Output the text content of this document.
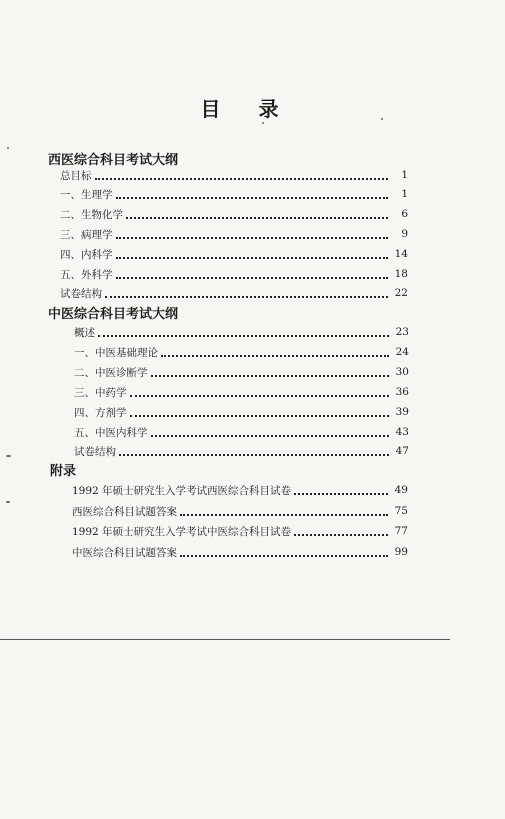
目 录
西医综合科目考试大纲
总目标	1
一、生理学	1
二、生物化学	6
三、病理学	9
四、内科学	14
五、外科学	18
试卷结构	22
中医综合科目考试大纲
概述	23
一、中医基础理论	24
二、中医诊断学	30
三、中药学	36
四、方剂学	39
五、中医内科学	43
试卷结构	47
附录
1992 年硕士研究生入学考试西医综合科目试卷	49
西医综合科目试题答案	75
1992 年硕士研究生入学考试中医综合科目试卷	77
中医综合科目试题答案	99
